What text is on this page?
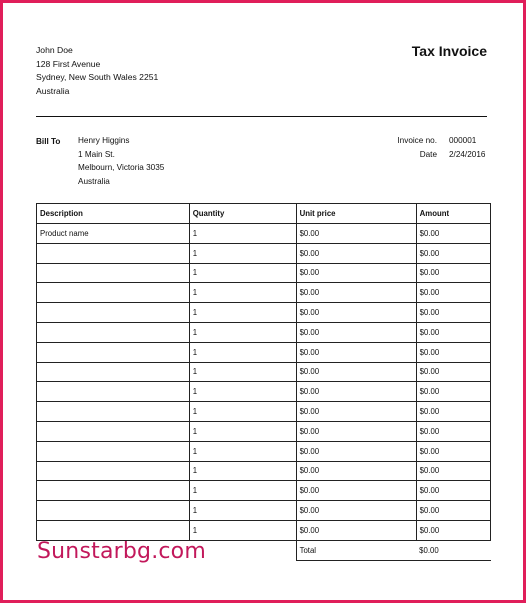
John Doe
128 First Avenue
Sydney, New South Wales 2251
Australia
Tax Invoice
Bill To Henry Higgins
1 Main St.
Melbourn, Victoria 3035
Australia
Invoice no. 000001
Date 2/24/2016
Description	Quantity	Unit price	Amount
Product name	1	$0.00	$0.00
	1	$0.00	$0.00
	1	$0.00	$0.00
	1	$0.00	$0.00
	1	$0.00	$0.00
	1	$0.00	$0.00
	1	$0.00	$0.00
	1	$0.00	$0.00
	1	$0.00	$0.00
	1	$0.00	$0.00
	1	$0.00	$0.00
	1	$0.00	$0.00
	1	$0.00	$0.00
	1	$0.00	$0.00
	1	$0.00	$0.00
	1	$0.00	$0.00
		Total	$0.00
Sunstarbg.com
